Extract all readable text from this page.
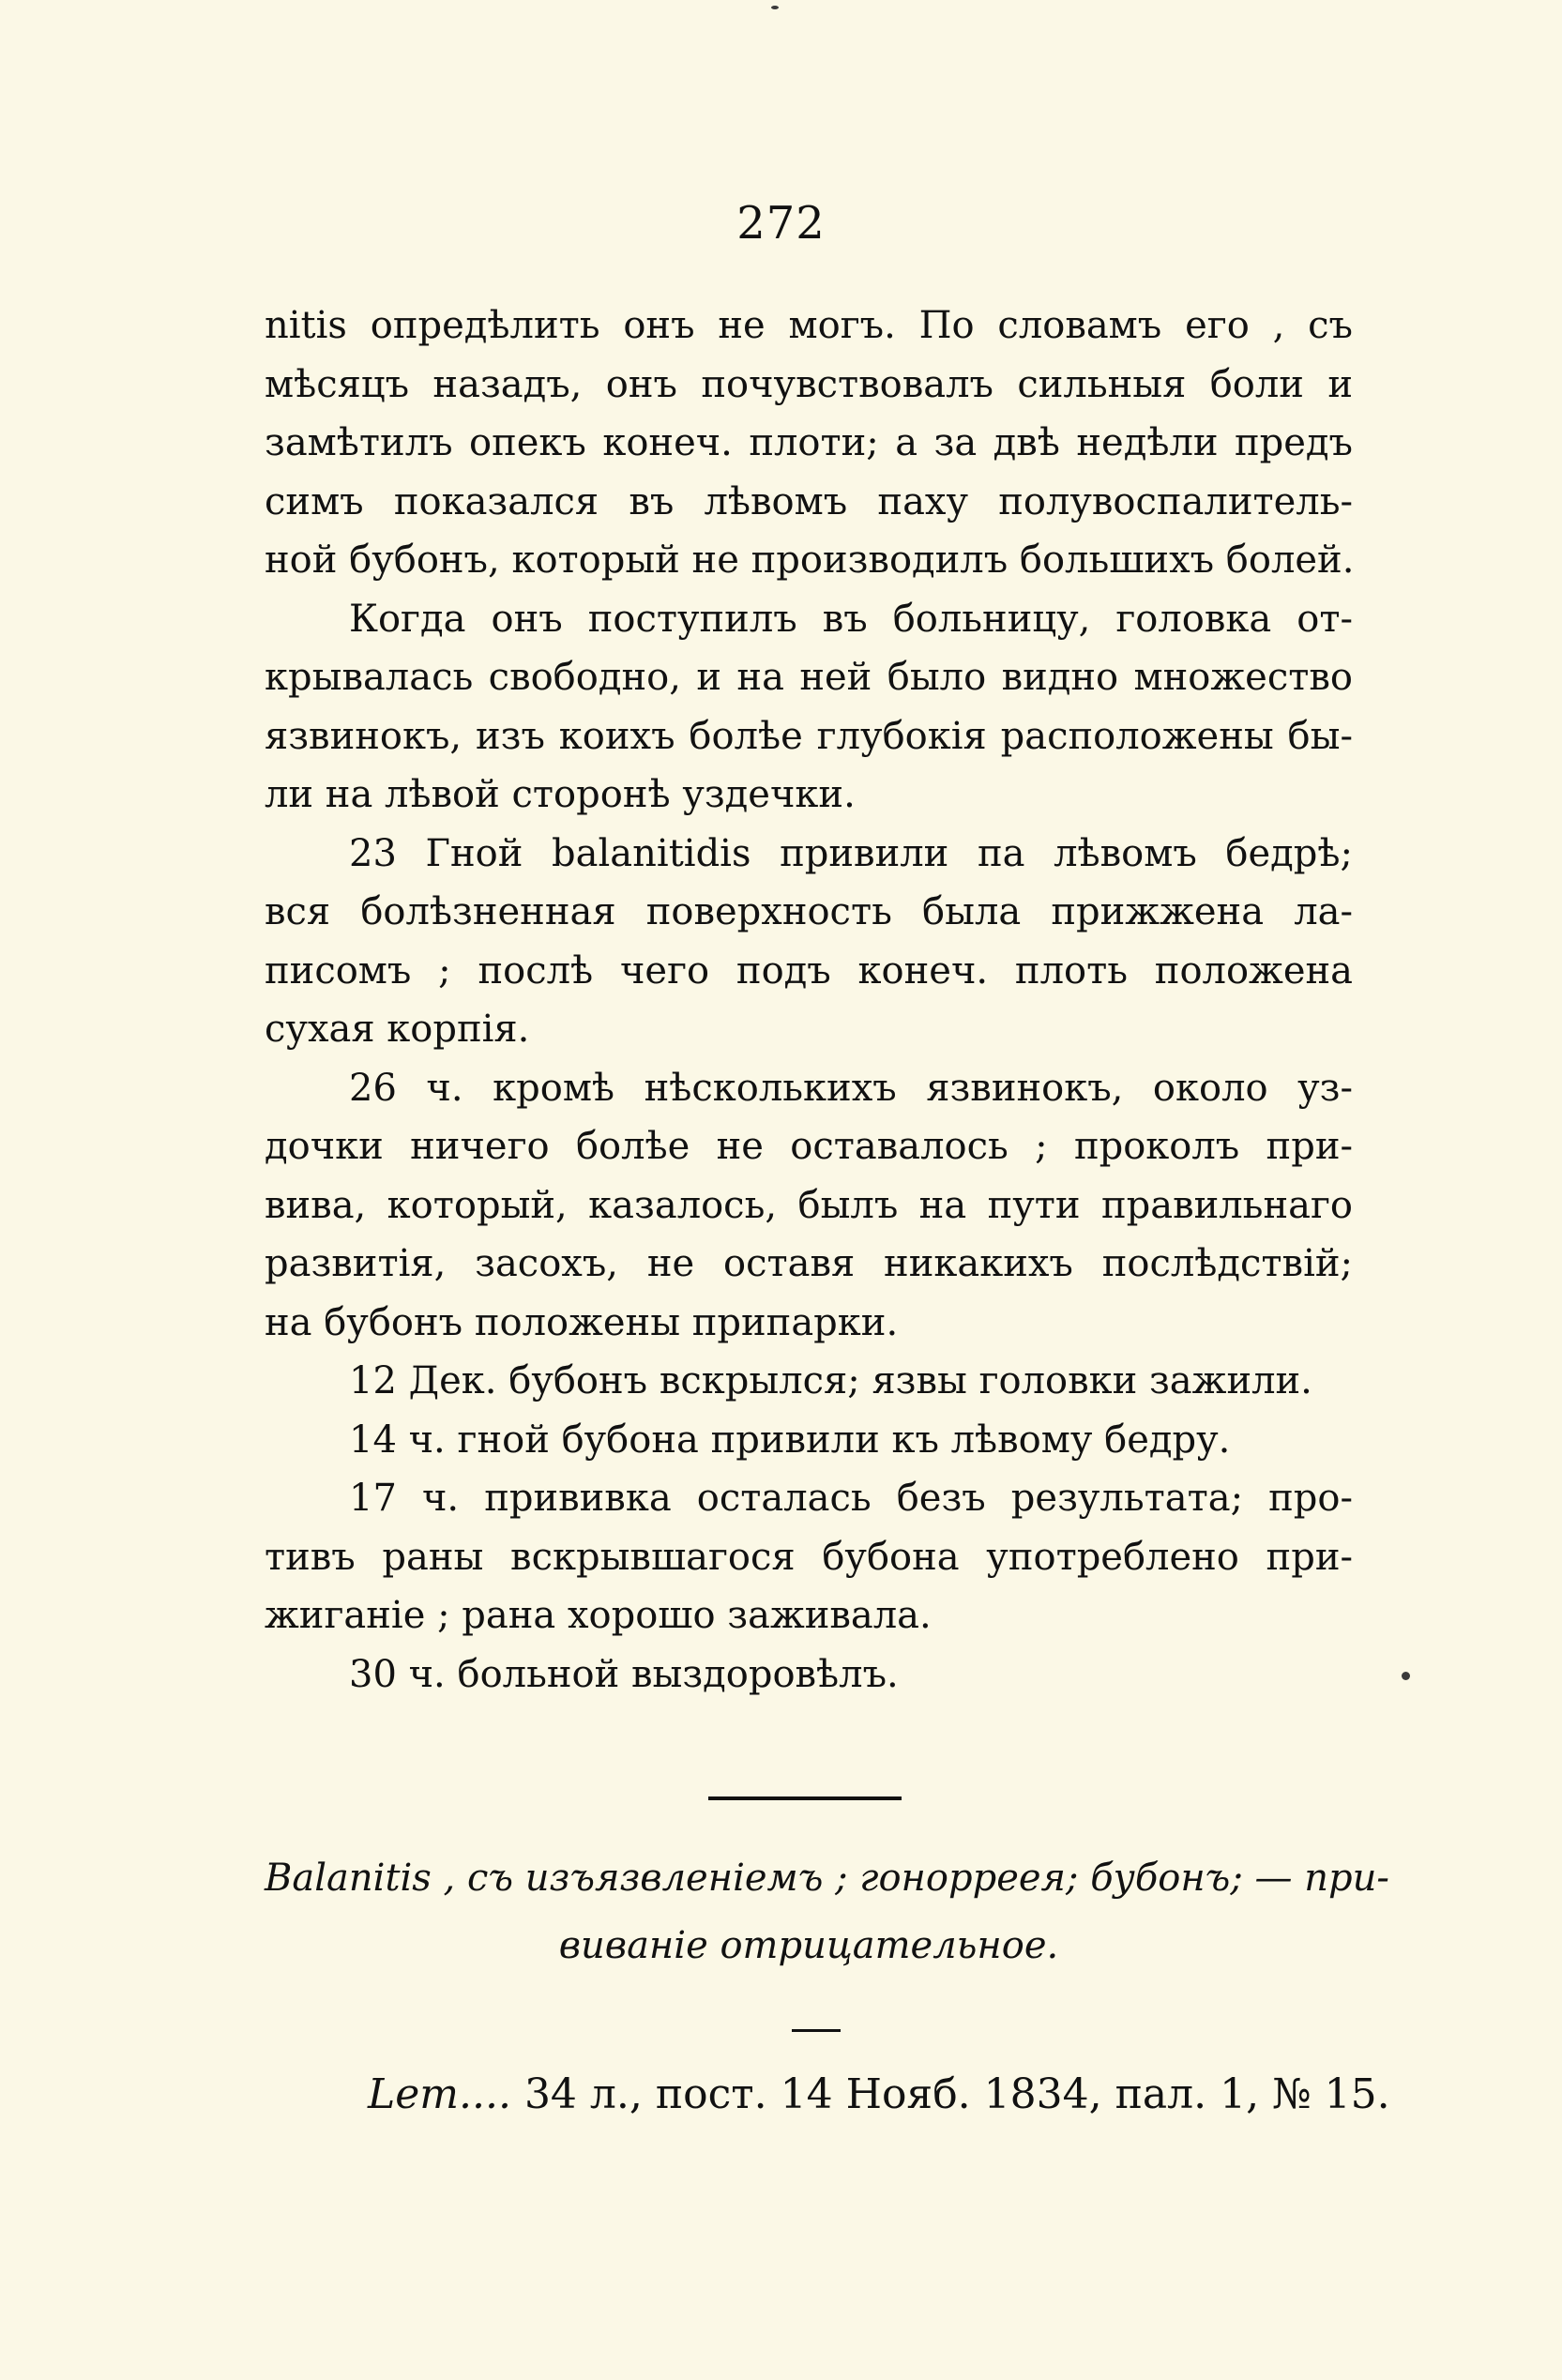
272
nitis опредѣлить онъ не могъ. По словамъ его , съ
мѣсяцъ назадъ, онъ почувствовалъ сильныя боли и
замѣтилъ опекъ конеч. плоти; а за двѣ недѣли предъ
симъ показался въ лѣвомъ паху полувоспалитель-
ной бубонъ, который не производилъ большихъ болей.
Когда онъ поступилъ въ больницу, головка от-
крывалась свободно, и на ней было видно множество
язвинокъ, изъ коихъ болѣе глубокія расположены бы-
ли на лѣвой сторонѣ уздечки.
23 Гной balanitidis привили па лѣвомъ бедрѣ;
вся болѣзненная поверхность была прижжена ла-
писомъ ; послѣ чего подъ конеч. плоть положена
сухая корпія.
26 ч. кромѣ нѣсколькихъ язвинокъ, около уз-
дочки ничего болѣе не оставалось ; проколъ при-
вива, который, казалось, былъ на пути правильнаго
развитія, засохъ, не оставя никакихъ послѣдствій;
на бубонъ положены припарки.
12 Дек. бубонъ вскрылся; язвы головки зажили.
14 ч. гной бубона привили къ лѣвому бедру.
17 ч. прививка осталась безъ результата; про-
тивъ раны вскрывшагося бубона употреблено при-
жиганіе ; рана хорошо заживала.
30 ч. больной выздоровѣлъ.
Balanitis , съ изъязвленіемъ ; гонорреея; бубонъ; — при-
виваніе отрицательное.
Lem.... 34 л., пост. 14 Нояб. 1834, пал. 1, № 15.
